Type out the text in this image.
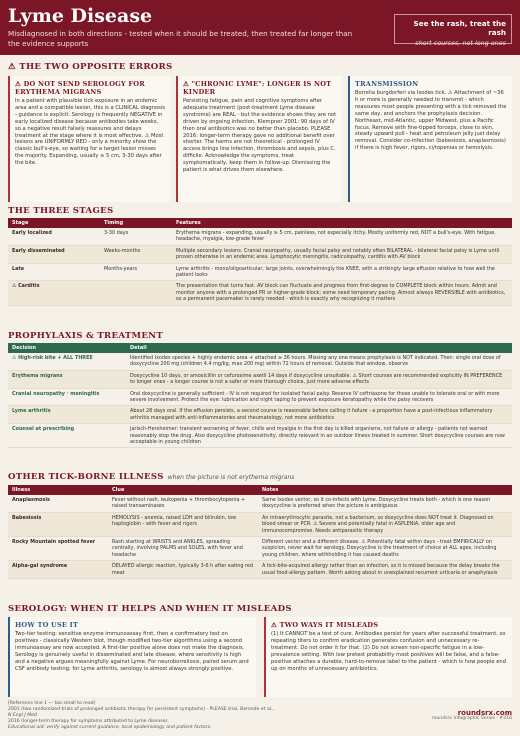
Lyme Disease
Misdiagnosed in both directions - tested when it should be treated, then treated far longer than the evidence supports
See the rash, treat the rash
short courses, not long ones
⚠ THE TWO OPPOSITE ERRORS
⚠ DO NOT SEND SEROLOGY FOR ERYTHEMA MIGRANS

In a patient with plausible tick exposure in an endemic area and a compatible lesion, this is a CLINICAL diagnosis - guidance is explicit. Serology is frequently NEGATIVE in early localized disease because antibodies take weeks, so a negative result falsely reassures and delays treatment at the stage where it is most effective. ⚠ Most lesions are UNIFORMLY RED - only a minority show the classic bull's-eye, so waiting for a target lesion misses the majority. Expanding, usually ≥ 5 cm, 3-30 days after the bite.

⚠ "CHRONIC LYME": LONGER IS NOT KINDER

Persisting fatigue, pain and cognitive symptoms after adequate treatment (post-treatment Lyme disease syndrome) are REAL - but the evidence shows they are not driven by ongoing infection. Klempner 2001: 90 days of IV then oral antibiotics was no better than placebo. PLEASE 2016: longer-term therapy gave no additional benefit over shorter. The harms are not theoretical - prolonged IV access brings line infection, thrombosis and sepsis, plus C. difficile. Acknowledge the symptoms, treat symptomatically, keep them in follow-up. Dismissing the patient is what drives them elsewhere.

TRANSMISSION

Borrelia burgdorferi via Ixodes tick. ⚠ Attachment of ~36 h or more is generally needed to transmit - which reassures most people presenting with a tick removed the same day, and anchors the prophylaxis decision. Northeast, mid-Atlantic, upper Midwest, plus a Pacific focus. Remove with fine-tipped forceps, close to skin, steady upward pull - heat and petroleum jelly just delay removal. Consider co-infection (babesiosis, anaplasmosis) if there is high fever, rigors, cytopenias or hemolysis.

THE THREE STAGES
Stage	Timing	Features
Early localized	3-30 days	Erythema migrans - expanding, usually ≥ 5 cm, painless, not especially itchy. Mostly uniformly red, NOT a bull's-eye. With fatigue, headache, myalgia, low-grade fever
Early disseminated	Weeks-months	Multiple secondary lesions. Cranial neuropathy, usually facial palsy and notably often BILATERAL - bilateral facial palsy is Lyme until proven otherwise in an endemic area. Lymphocytic meningitis, radiculopathy, carditis with AV block
Late	Months-years	Lyme arthritis - mono/oligoarticular, large joints, overwhelmingly the KNEE, with a strikingly large effusion relative to how well the patient looks
⚠ Carditis		The presentation that turns fast. AV block can fluctuate and progress from first-degree to COMPLETE block within hours. Admit and monitor anyone with a prolonged PR or higher-grade block; some need temporary pacing. Almost always REVERSIBLE with antibiotics, so a permanent pacemaker is rarely needed - which is exactly why recognizing it matters
PROPHYLAXIS & TREATMENT
Decision	Detail
⚠ High-risk bite + ALL THREE	Identified Ixodes species + highly endemic area + attached ≥ 36 hours. Missing any one means prophylaxis is NOT indicated. Then: single oral dose of doxycycline 200 mg (children 4.4 mg/kg, max 200 mg) within 72 hours of removal. Outside that window, observe
Erythema migrans	Doxycycline 10 days, or amoxicillin or cefuroxime axetil 14 days if doxycycline unsuitable. ⚠ Short courses are recommended explicitly IN PREFERENCE to longer ones - a longer course is not a safer or more thorough choice, just more adverse effects
Cranial neuropathy · meningitis	Oral doxycycline is generally sufficient - IV is not required for isolated facial palsy. Reserve IV ceftriaxone for those unable to tolerate oral or with more severe involvement. Protect the eye: lubrication and night taping to prevent exposure keratopathy while the palsy recovers
Lyme arthritis	About 28 days oral. If the effusion persists, a second course is reasonable before calling it failure - a proportion have a post-infectious inflammatory arthritis managed with anti-inflammatories and rheumatology, not more antibiotics
Counsel at prescribing	Jarisch-Herxheimer: transient worsening of fever, chills and myalgia in the first day is killed organisms, not failure or allergy - patients not warned reasonably stop the drug. Also doxycycline photosensitivity, directly relevant in an outdoor illness treated in summer. Short doxycycline courses are now acceptable in young children
OTHER TICK-BORNE ILLNESS when the picture is not erythema migrans
Illness	Clue	Notes
Anaplasmosis	Fever without rash, leukopenia + thrombocytopenia + raised transaminases	Same Ixodes vector, so it co-infects with Lyme. Doxycycline treats both - which is one reason doxycycline is preferred when the picture is ambiguous
Babesiosis	HEMOLYSIS - anemia, raised LDH and bilirubin, low haptoglobin - with fever and rigors	An intraerythrocytic parasite, not a bacterium, so doxycycline does NOT treat it. Diagnosed on blood smear or PCR. ⚠ Severe and potentially fatal in ASPLENIA, older age and immunocompromise. Needs antiparasitic therapy
Rocky Mountain spotted fever	Rash starting at WRISTS and ANKLES, spreading centrally, involving PALMS and SOLES, with fever and headache	Different vector and a different disease. ⚠ Potentially fatal within days - treat EMPIRICALLY on suspicion, never wait for serology. Doxycycline is the treatment of choice at ALL ages, including young children, where withholding it has caused deaths
Alpha-gal syndrome	DELAYED allergic reaction, typically 3-6 h after eating red meat	A tick-bite-acquired allergy rather than an infection, so it is missed because the delay breaks the usual food-allergy pattern. Worth asking about in unexplained recurrent urticaria or anaphylaxis
SEROLOGY: WHEN IT HELPS AND WHEN IT MISLEADS
HOW TO USE IT

Two-tier testing: sensitive enzyme immunoassay first, then a confirmatory test on positives - classically Western blot, though modified two-tier algorithms using a second immunoassay are now accepted. A first-tier positive alone does not make the diagnosis. Serology is genuinely useful in disseminated and late disease, where sensitivity is high and a negative argues meaningfully against Lyme. For neuroborreliosis, paired serum and CSF antibody testing; for Lyme arthritis, serology is almost always strongly positive.

⚠ TWO WAYS IT MISLEADS

(1) It CANNOT be a test of cure. Antibodies persist for years after successful treatment, so repeating titers to confirm eradication generates confusion and unnecessary re-treatment. Do not order it for that. (2) Do not screen non-specific fatigue in a low-prevalence setting. With low pretest probability most positives will be false, and a false-positive attaches a durable, hard-to-remove label to the patient - which is how people end up on months of unnecessary antibiotics.

[Reference line 1 — too small to read]
2001 (two randomized trials of prolonged antibiotic therapy for persistent symptoms) · PLEASE trial, Berende et al.,
N Engl J Med
2016 (longer-term therapy for symptoms attributed to Lyme disease).
Educational aid: verify against current guidance, local epidemiology and patient factors.
roundsrx.com
roundsrx Infographic Series · #216
